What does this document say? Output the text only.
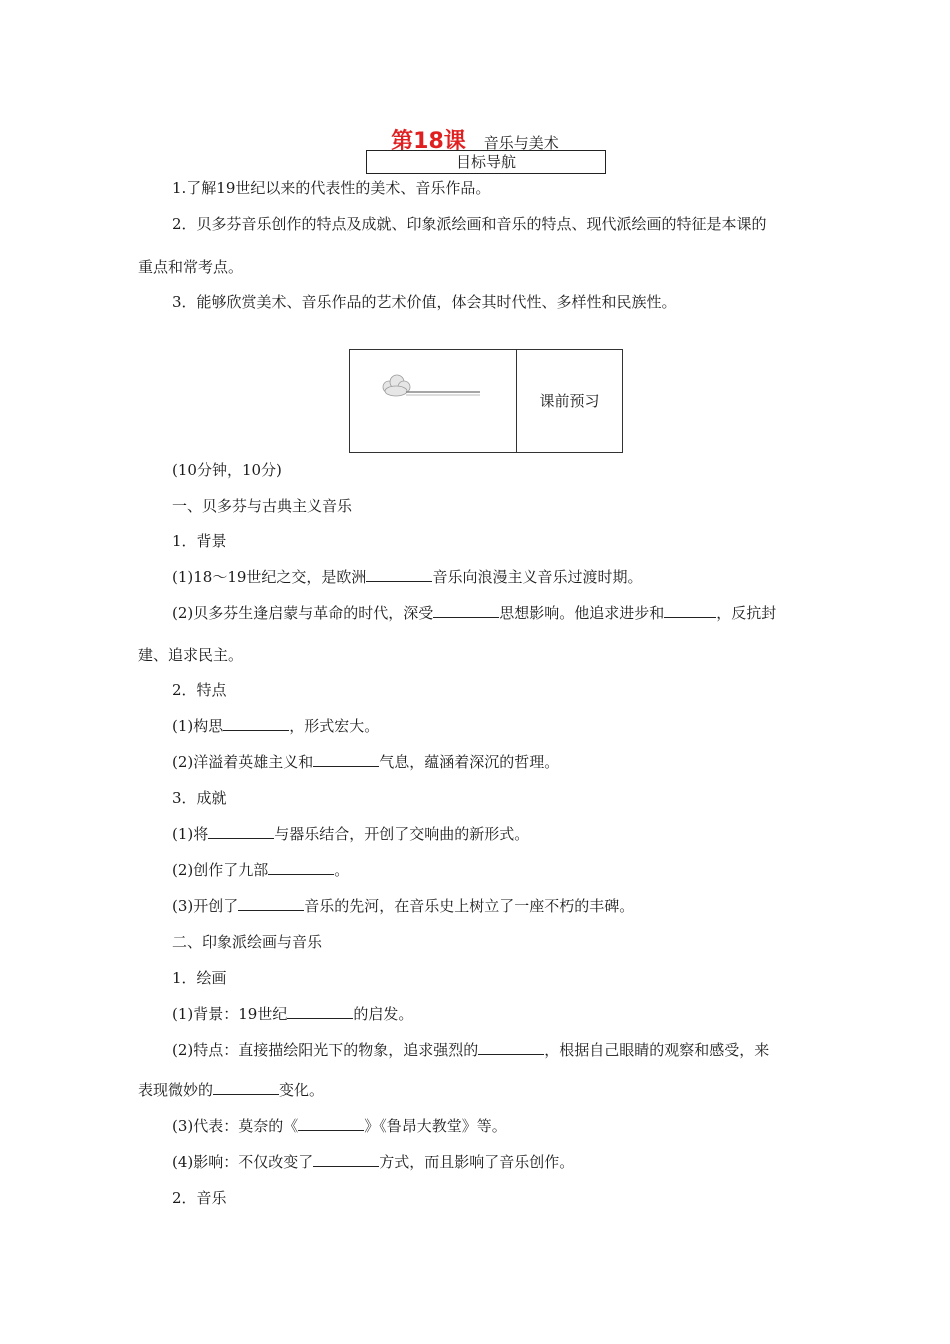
第18课 音乐与美术
目标导航
1.了解19世纪以来的代表性的美术、音乐作品。
2．贝多芬音乐创作的特点及成就、印象派绘画和音乐的特点、现代派绘画的特征是本课的
重点和常考点。
3．能够欣赏美术、音乐作品的艺术价值，体会其时代性、多样性和民族性。
课前预习
(10分钟，10分)
一、贝多芬与古典主义音乐
1．背景
(1)18～19世纪之交，是欧洲	音乐向浪漫主义音乐过渡时期。
(2)贝多芬生逢启蒙与革命的时代，深受	思想影响。他追求进步和	，反抗封
建、追求民主。
2．特点
(1)构思	，形式宏大。
(2)洋溢着英雄主义和	气息，蕴涵着深沉的哲理。
3．成就
(1)将	与器乐结合，开创了交响曲的新形式。
(2)创作了九部	。
(3)开创了	音乐的先河，在音乐史上树立了一座不朽的丰碑。
二、印象派绘画与音乐
1．绘画
(1)背景：19世纪	的启发。
(2)特点：直接描绘阳光下的物象，追求强烈的	，根据自己眼睛的观察和感受，来
表现微妙的	变化。
(3)代表：莫奈的《	》《鲁昂大教堂》等。
(4)影响：不仅改变了	方式，而且影响了音乐创作。
2．音乐
